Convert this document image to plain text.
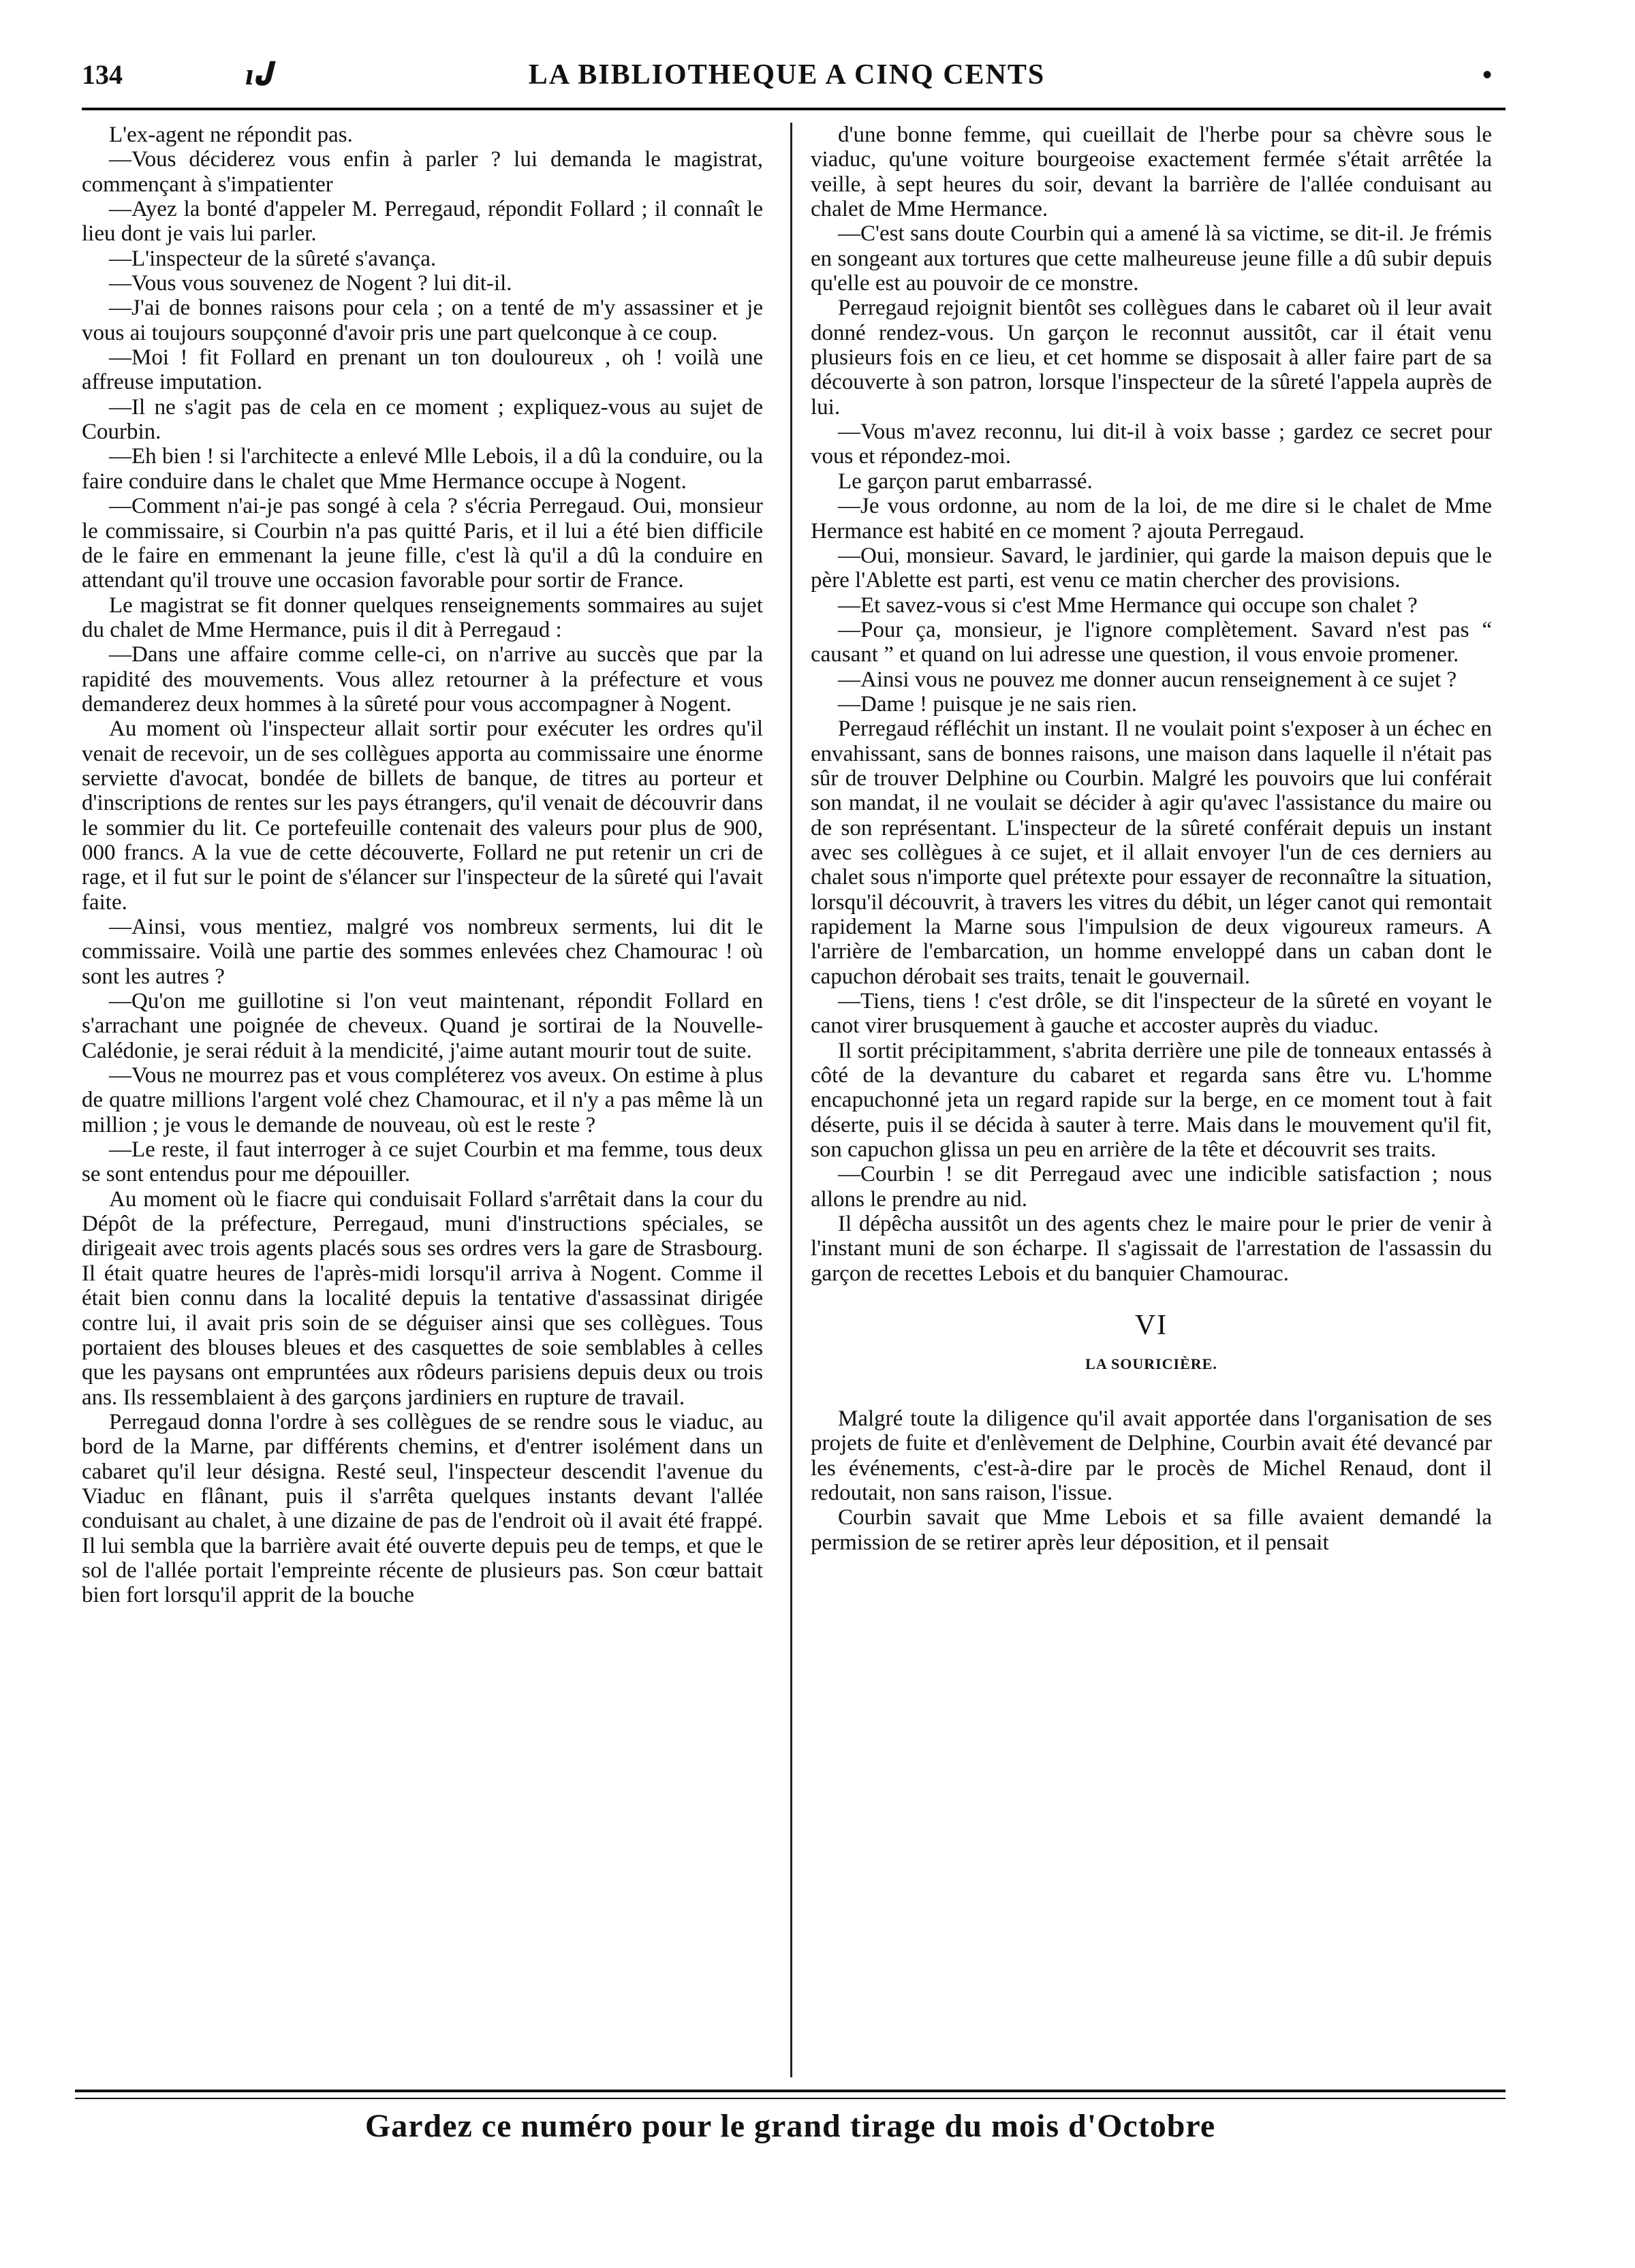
134	ı𝐉	LA BIBLIOTHEQUE A CINQ CENTS	•

L'ex-agent ne répondit pas.

—Vous déciderez vous enfin à parler ? lui demanda le magistrat, commençant à s'impatienter

—Ayez la bonté d'appeler M. Perregaud, répondit Follard ; il connaît le lieu dont je vais lui parler.

—L'inspecteur de la sûreté s'avança.

—Vous vous souvenez de Nogent ? lui dit-il.

—J'ai de bonnes raisons pour cela ; on a tenté de m'y assassiner et je vous ai toujours soupçonné d'avoir pris une part quelconque à ce coup.

—Moi ! fit Follard en prenant un ton douloureux , oh ! voilà une affreuse imputation.

—Il ne s'agit pas de cela en ce moment ; expliquez-vous au sujet de Courbin.

—Eh bien ! si l'architecte a enlevé Mlle Lebois, il a dû la conduire, ou la faire conduire dans le chalet que Mme Hermance occupe à Nogent.

—Comment n'ai-je pas songé à cela ? s'écria Perregaud. Oui, monsieur le commissaire, si Courbin n'a pas quitté Paris, et il lui a été bien difficile de le faire en emmenant la jeune fille, c'est là qu'il a dû la conduire en attendant qu'il trouve une occasion favorable pour sortir de France.

Le magistrat se fit donner quelques renseignements sommaires au sujet du chalet de Mme Hermance, puis il dit à Perregaud :

—Dans une affaire comme celle-ci, on n'arrive au succès que par la rapidité des mouvements. Vous allez retourner à la préfecture et vous demanderez deux hommes à la sûreté pour vous accompagner à Nogent.

Au moment où l'inspecteur allait sortir pour exécuter les ordres qu'il venait de recevoir, un de ses collègues apporta au commissaire une énorme serviette d'avocat, bondée de billets de banque, de titres au porteur et d'inscriptions de rentes sur les pays étrangers, qu'il venait de découvrir dans le sommier du lit. Ce portefeuille contenait des valeurs pour plus de 900, 000 francs. A la vue de cette découverte, Follard ne put retenir un cri de rage, et il fut sur le point de s'élancer sur l'inspecteur de la sûreté qui l'avait faite.

—Ainsi, vous mentiez, malgré vos nombreux serments, lui dit le commissaire. Voilà une partie des sommes enlevées chez Chamourac ! où sont les autres ?

—Qu'on me guillotine si l'on veut maintenant, répondit Follard en s'arrachant une poignée de cheveux. Quand je sortirai de la Nouvelle-Calédonie, je serai réduit à la mendicité, j'aime autant mourir tout de suite.

—Vous ne mourrez pas et vous compléterez vos aveux. On estime à plus de quatre millions l'argent volé chez Chamourac, et il n'y a pas même là un million ; je vous le demande de nouveau, où est le reste ?

—Le reste, il faut interroger à ce sujet Courbin et ma femme, tous deux se sont entendus pour me dépouiller.

Au moment où le fiacre qui conduisait Follard s'arrêtait dans la cour du Dépôt de la préfecture, Perregaud, muni d'instructions spéciales, se dirigeait avec trois agents placés sous ses ordres vers la gare de Strasbourg. Il était quatre heures de l'après-midi lorsqu'il arriva à Nogent. Comme il était bien connu dans la localité depuis la tentative d'assassinat dirigée contre lui, il avait pris soin de se déguiser ainsi que ses collègues. Tous portaient des blouses bleues et des casquettes de soie semblables à celles que les paysans ont empruntées aux rôdeurs parisiens depuis deux ou trois ans. Ils ressemblaient à des garçons jardiniers en rupture de travail.

Perregaud donna l'ordre à ses collègues de se rendre sous le viaduc, au bord de la Marne, par différents chemins, et d'entrer isolément dans un cabaret qu'il leur désigna. Resté seul, l'inspecteur descendit l'avenue du Viaduc en flânant, puis il s'arrêta quelques instants devant l'allée conduisant au chalet, à une dizaine de pas de l'endroit où il avait été frappé. Il lui sembla que la barrière avait été ouverte depuis peu de temps, et que le sol de l'allée portait l'empreinte récente de plusieurs pas. Son cœur battait bien fort lorsqu'il apprit de la bouche

d'une bonne femme, qui cueillait de l'herbe pour sa chèvre sous le viaduc, qu'une voiture bourgeoise exactement fermée s'était arrêtée la veille, à sept heures du soir, devant la barrière de l'allée conduisant au chalet de Mme Hermance.

—C'est sans doute Courbin qui a amené là sa victime, se dit-il. Je frémis en songeant aux tortures que cette malheureuse jeune fille a dû subir depuis qu'elle est au pouvoir de ce monstre.

Perregaud rejoignit bientôt ses collègues dans le cabaret où il leur avait donné rendez-vous. Un garçon le reconnut aussitôt, car il était venu plusieurs fois en ce lieu, et cet homme se disposait à aller faire part de sa découverte à son patron, lorsque l'inspecteur de la sûreté l'appela auprès de lui.

—Vous m'avez reconnu, lui dit-il à voix basse ; gardez ce secret pour vous et répondez-moi.

Le garçon parut embarrassé.

—Je vous ordonne, au nom de la loi, de me dire si le chalet de Mme Hermance est habité en ce moment ? ajouta Perregaud.

—Oui, monsieur. Savard, le jardinier, qui garde la maison depuis que le père l'Ablette est parti, est venu ce matin chercher des provisions.

—Et savez-vous si c'est Mme Hermance qui occupe son chalet ?

—Pour ça, monsieur, je l'ignore complètement. Savard n'est pas “ causant ” et quand on lui adresse une question, il vous envoie promener.

—Ainsi vous ne pouvez me donner aucun renseignement à ce sujet ?

—Dame ! puisque je ne sais rien.

Perregaud réfléchit un instant. Il ne voulait point s'exposer à un échec en envahissant, sans de bonnes raisons, une maison dans laquelle il n'était pas sûr de trouver Delphine ou Courbin. Malgré les pouvoirs que lui conférait son mandat, il ne voulait se décider à agir qu'avec l'assistance du maire ou de son représentant. L'inspecteur de la sûreté conférait depuis un instant avec ses collègues à ce sujet, et il allait envoyer l'un de ces derniers au chalet sous n'importe quel prétexte pour essayer de reconnaître la situation, lorsqu'il découvrit, à travers les vitres du débit, un léger canot qui remontait rapidement la Marne sous l'impulsion de deux vigoureux rameurs. A l'arrière de l'embarcation, un homme enveloppé dans un caban dont le capuchon dérobait ses traits, tenait le gouvernail.

—Tiens, tiens ! c'est drôle, se dit l'inspecteur de la sûreté en voyant le canot virer brusquement à gauche et accoster auprès du viaduc.

Il sortit précipitamment, s'abrita derrière une pile de tonneaux entassés à côté de la devanture du cabaret et regarda sans être vu. L'homme encapuchonné jeta un regard rapide sur la berge, en ce moment tout à fait déserte, puis il se décida à sauter à terre. Mais dans le mouvement qu'il fit, son capuchon glissa un peu en arrière de la tête et découvrit ses traits.

—Courbin ! se dit Perregaud avec une indicible satisfaction ; nous allons le prendre au nid.

Il dépêcha aussitôt un des agents chez le maire pour le prier de venir à l'instant muni de son écharpe. Il s'agissait de l'arrestation de l'assassin du garçon de recettes Lebois et du banquier Chamourac.

VI
LA SOURICIÈRE.

Malgré toute la diligence qu'il avait apportée dans l'organisation de ses projets de fuite et d'enlèvement de Delphine, Courbin avait été devancé par les événements, c'est-à-dire par le procès de Michel Renaud, dont il redoutait, non sans raison, l'issue.

Courbin savait que Mme Lebois et sa fille avaient demandé la permission de se retirer après leur déposition, et il pensait

Gardez ce numéro pour le grand tirage du mois d'Octobre
